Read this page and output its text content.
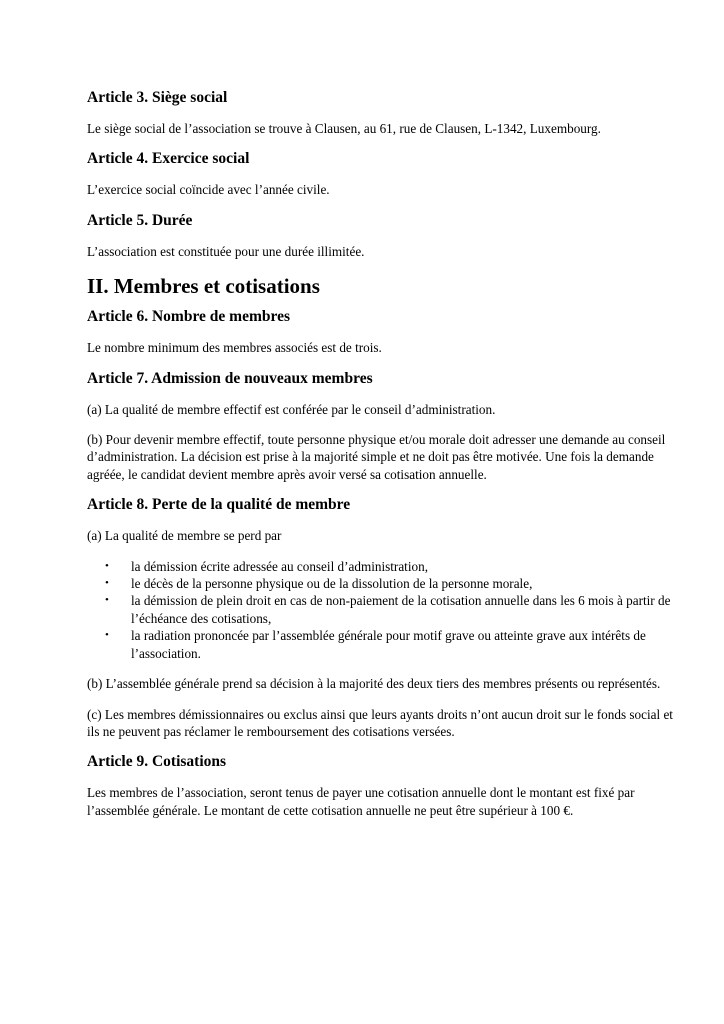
Article 3. Siège social

Le siège social de l’association se trouve à Clausen, au 61, rue de Clausen, L-1342, Luxembourg.

Article 4. Exercice social

L’exercice social coïncide avec l’année civile.

Article 5. Durée

L’association est constituée pour une durée illimitée.

II. Membres et cotisations
Article 6. Nombre de membres

Le nombre minimum des membres associés est de trois.

Article 7. Admission de nouveaux membres

(a) La qualité de membre effectif est conférée par le conseil d’administration.

(b) Pour devenir membre effectif, toute personne physique et/ou morale doit adresser une demande au conseil d’administration. La décision est prise à la majorité simple et ne doit pas être motivée. Une fois la demande agréée, le candidat devient membre après avoir versé sa cotisation annuelle.

Article 8. Perte de la qualité de membre

(a) La qualité de membre se perd par

• la démission écrite adressée au conseil d’administration,
• le décès de la personne physique ou de la dissolution de la personne morale,
• la démission de plein droit en cas de non-paiement de la cotisation annuelle dans les 6 mois à partir de l’échéance des cotisations,
• la radiation prononcée par l’assemblée générale pour motif grave ou atteinte grave aux intérêts de l’association.

(b) L’assemblée générale prend sa décision à la majorité des deux tiers des membres présents ou représentés.

(c) Les membres démissionnaires ou exclus ainsi que leurs ayants droits n’ont aucun droit sur le fonds social et ils ne peuvent pas réclamer le remboursement des cotisations versées.

Article 9. Cotisations

Les membres de l’association, seront tenus de payer une cotisation annuelle dont le montant est fixé par l’assemblée générale. Le montant de cette cotisation annuelle ne peut être supérieur à 100 €.
